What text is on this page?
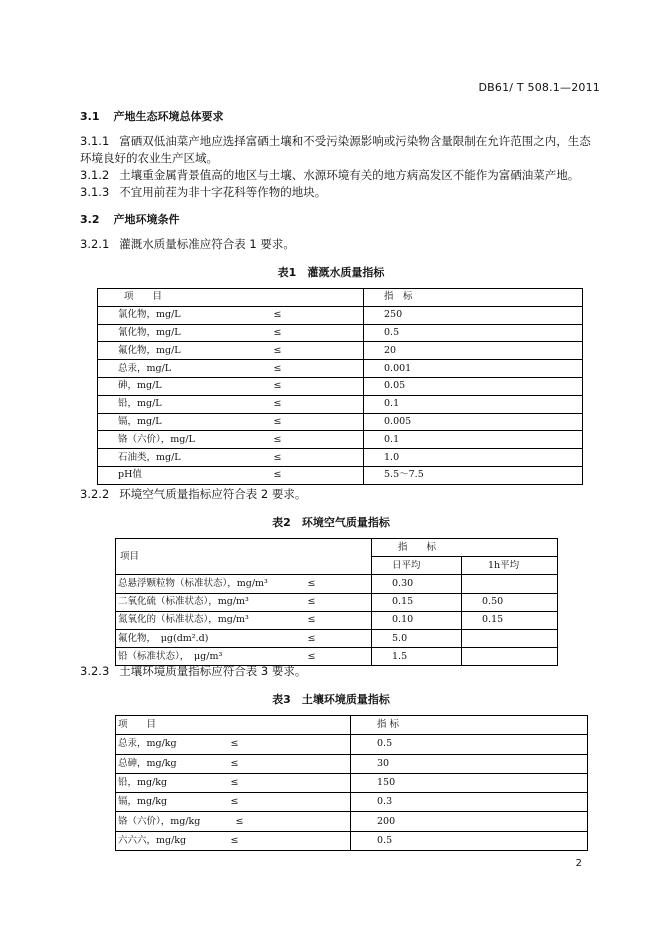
DB61/ T 508.1—2011
3.1 产地生态环境总体要求
3.1.1 富硒双低油菜产地应选择富硒土壤和不受污染源影响或污染物含量限制在允许范围之内，生态
环境良好的农业生产区域。
3.1.2 土壤重金属背景值高的地区与土壤、水源环境有关的地方病高发区不能作为富硒油菜产地。
3.1.3 不宜用前茬为非十字花科等作物的地块。
3.2 产地环境条件
3.2.1 灌溉水质量标准应符合表 1 要求。
表1　灌溉水质量指标
项　　目		指　标
氯化物，mg/L	≤	250
氰化物，mg/L	≤	0.5
氟化物，mg/L	≤	20
总汞，mg/L	≤	0.001
砷，mg/L	≤	0.05
铅，mg/L	≤	0.1
镉，mg/L	≤	0.005
铬（六价），mg/L	≤	0.1
石油类，mg/L	≤	1.0
pH值	≤	5.5～7.5
3.2.2 环境空气质量指标应符合表 2 要求。
表2　环境空气质量指标
项目		指　　标	
		日平均	1h平均
总悬浮颗粒物（标准状态），mg/m³	≤	0.30	
二氧化硫（标准状态），mg/m³	≤	0.15	0.50
氮氧化的（标准状态），mg/m³	≤	0.10	0.15
氟化物，　μg(dm².d)	≤	5.0	
铅（标准状态），　μg/m³	≤	1.5	
3.2.3 土壤环境质量指标应符合表 3 要求。
表3　土壤环境质量指标
项　　目		指 标
总汞，mg/kg	≤	0.5
总砷，mg/kg	≤	30
铅，mg/kg	≤	150
镉，mg/kg	≤	0.3
铬（六价），mg/kg	≤	200
六六六，mg/kg	≤	0.5
2
